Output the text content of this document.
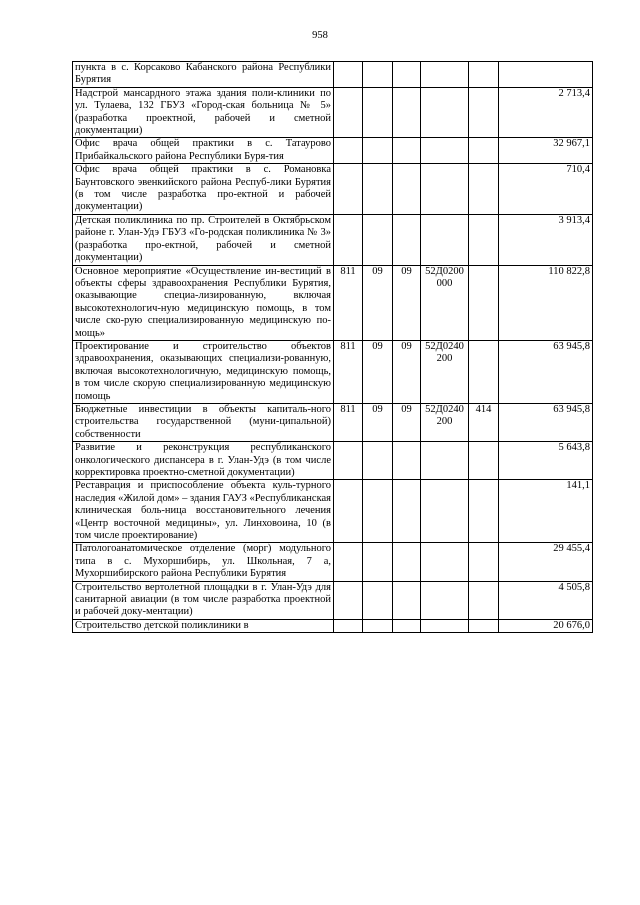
958
пункта в с. Корсаково Кабанского района Республики Бурятия						
Надстрой мансардного этажа здания поли-клиники по ул. Тулаева, 132 ГБУЗ «Город-ская больница № 5» (разработка проектной, рабочей и сметной документации)						2 713,4
Офис врача общей практики в с. Татаурово Прибайкальского района Республики Буря-тия						32 967,1
Офис врача общей практики в с. Романовка Баунтовского эвенкийского района Респуб-лики Бурятия (в том числе разработка про-ектной и рабочей документации)						710,4
Детская поликлиника по пр. Строителей в Октябрьском районе г. Улан-Удэ ГБУЗ «Го-родская поликлиника № 3» (разработка про-ектной, рабочей и сметной документации)						3 913,4
Основное мероприятие «Осуществление ин-вестиций в объекты сферы здравоохранения Республики Бурятия, оказывающие специа-лизированную, включая высокотехнологич-ную медицинскую помощь, в том числе ско-рую специализированную медицинскую по-мощь»	811	09	09	52Д0200 000		110 822,8
Проектирование и строительство объектов здравоохранения, оказывающих специализи-рованную, включая высокотехнологичную, медицинскую помощь, в том числе скорую специализированную медицинскую помощь	811	09	09	52Д0240 200		63 945,8
Бюджетные инвестиции в объекты капиталь-ного строительства государственной (муни-ципальной) собственности	811	09	09	52Д0240 200	414	63 945,8
Развитие и реконструкция республиканского онкологического диспансера в г. Улан-Удэ (в том числе корректировка проектно-сметной документации)						5 643,8
Реставрация и приспособление объекта куль-турного наследия «Жилой дом» – здания ГАУЗ «Республиканская клиническая боль-ница восстановительного лечения «Центр восточной медицины», ул. Линховоина, 10 (в том числе проектирование)						141,1
Патологоанатомическое отделение (морг) модульного типа в с. Мухоршибирь, ул. Школьная, 7 а, Мухоршибирского района Республики Бурятия						29 455,4
Строительство вертолетной площадки в г. Улан-Удэ для санитарной авиации (в том числе разработка проектной и рабочей доку-ментации)						4 505,8
Строительство детской поликлиники в						20 676,0
